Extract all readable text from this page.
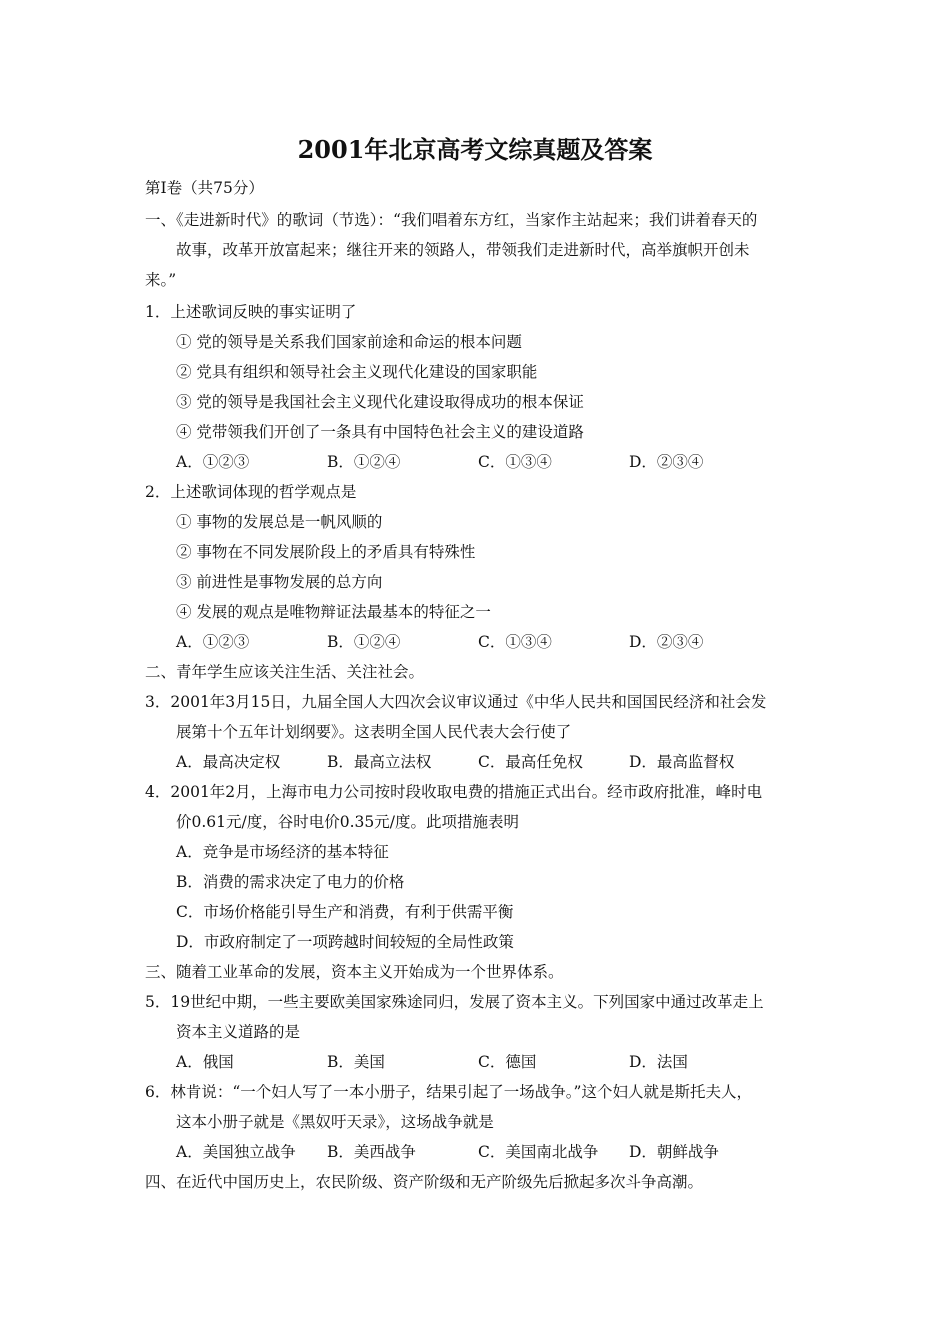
2001年北京高考文综真题及答案
第Ⅰ卷（共75分）
一、《走进新时代》的歌词（节选）：“我们唱着东方红，当家作主站起来；我们讲着春天的
故事，改革开放富起来；继往开来的领路人，带领我们走进新时代，高举旗帜开创未
来。”
1．上述歌词反映的事实证明了
① 党的领导是关系我们国家前途和命运的根本问题
② 党具有组织和领导社会主义现代化建设的国家职能
③ 党的领导是我国社会主义现代化建设取得成功的根本保证
④ 党带领我们开创了一条具有中国特色社会主义的建设道路
A．①②③	B．①②④	C．①③④	D．②③④
2．上述歌词体现的哲学观点是
① 事物的发展总是一帆风顺的
② 事物在不同发展阶段上的矛盾具有特殊性
③ 前进性是事物发展的总方向
④ 发展的观点是唯物辩证法最基本的特征之一
A．①②③	B．①②④	C．①③④	D．②③④
二、青年学生应该关注生活、关注社会。
3．2001年3月15日，九届全国人大四次会议审议通过《中华人民共和国国民经济和社会发
展第十个五年计划纲要》。这表明全国人民代表大会行使了
A．最高决定权	B．最高立法权	C．最高任免权	D．最高监督权
4．2001年2月，上海市电力公司按时段收取电费的措施正式出台。经市政府批准，峰时电
价0.61元/度，谷时电价0.35元/度。此项措施表明
A．竞争是市场经济的基本特征
B．消费的需求决定了电力的价格
C．市场价格能引导生产和消费，有利于供需平衡
D．市政府制定了一项跨越时间较短的全局性政策
三、随着工业革命的发展，资本主义开始成为一个世界体系。
5．19世纪中期，一些主要欧美国家殊途同归，发展了资本主义。下列国家中通过改革走上
资本主义道路的是
A．俄国	B．美国	C．德国	D．法国
6．林肯说：“一个妇人写了一本小册子，结果引起了一场战争。”这个妇人就是斯托夫人，
这本小册子就是《黑奴吁天录》，这场战争就是
A．美国独立战争 B．美西战争	C．美国南北战争 D．朝鲜战争
四、在近代中国历史上，农民阶级、资产阶级和无产阶级先后掀起多次斗争高潮。
